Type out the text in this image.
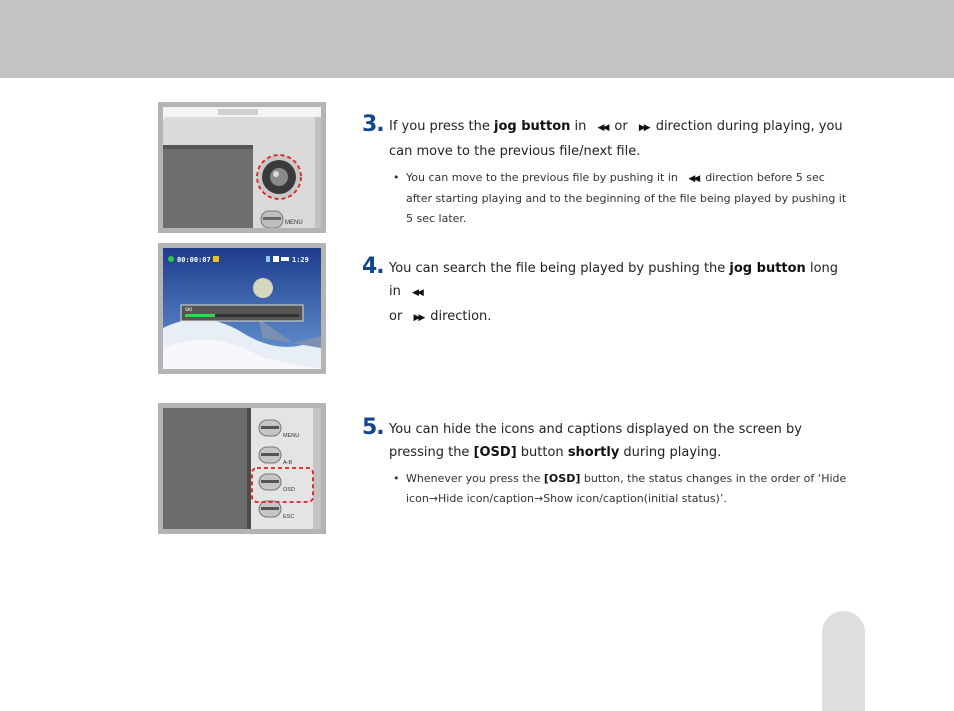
MENU
00:00:07	1:29
SKI
MENU
A-B
OSD
ESC
3. If you press the jog button in ◀◀ or ▶▶ direction during playing, you can move to the previous file/next file.
• You can move to the previous file by pushing it in ◀◀ direction before 5 sec after starting playing and to the beginning of the file being played by pushing it 5 sec later.
4. You can search the file being played by pushing the jog button long in ◀◀
or ▶▶ direction.
5. You can hide the icons and captions displayed on the screen by pressing the [OSD] button shortly during playing.
• Whenever you press the [OSD] button, the status changes in the order of ‘Hide icon→Hide icon/caption→Show icon/caption(initial status)’.
